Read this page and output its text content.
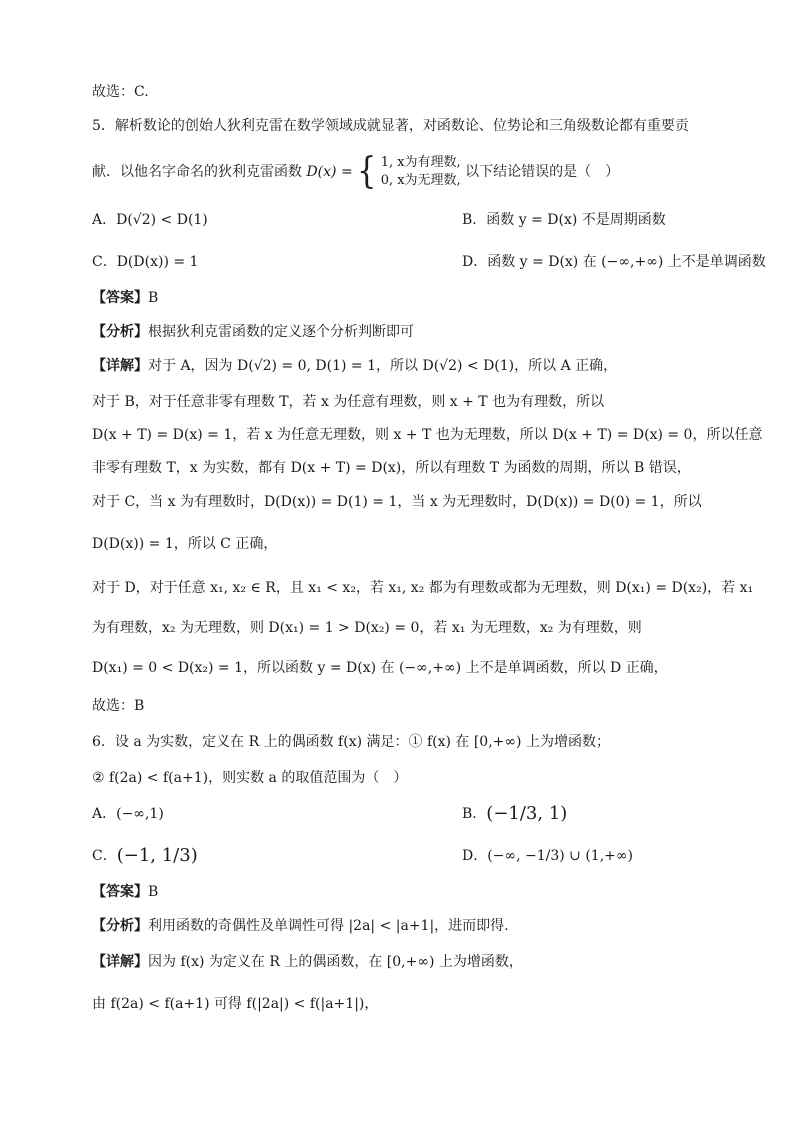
故选：C.
5．解析数论的创始人狄利克雷在数学领域成就显著，对函数论、位势论和三角级数论都有重要贡
献．以他名字命名的狄利克雷函数 D(x) = { 1, x为有理数,
0, x为无理数,
以下结论错误的是（　）
A．D(√2) < D(1)	B．函数 y = D(x) 不是周期函数
C．D(D(x)) = 1	D．函数 y = D(x) 在 (−∞,+∞) 上不是单调函数
【答案】B
【分析】根据狄利克雷函数的定义逐个分析判断即可
【详解】对于 A，因为 D(√2) = 0, D(1) = 1，所以 D(√2) < D(1)，所以 A 正确，
对于 B，对于任意非零有理数 T，若 x 为任意有理数，则 x + T 也为有理数，所以
D(x + T) = D(x) = 1，若 x 为任意无理数，则 x + T 也为无理数，所以 D(x + T) = D(x) = 0，所以任意
非零有理数 T，x 为实数，都有 D(x + T) = D(x)，所以有理数 T 为函数的周期，所以 B 错误，
对于 C，当 x 为有理数时，D(D(x)) = D(1) = 1，当 x 为无理数时，D(D(x)) = D(0) = 1，所以
D(D(x)) = 1，所以 C 正确，
对于 D，对于任意 x₁, x₂ ∈ R，且 x₁ < x₂，若 x₁, x₂ 都为有理数或都为无理数，则 D(x₁) = D(x₂)，若 x₁
为有理数，x₂ 为无理数，则 D(x₁) = 1 > D(x₂) = 0，若 x₁ 为无理数，x₂ 为有理数，则
D(x₁) = 0 < D(x₂) = 1，所以函数 y = D(x) 在 (−∞,+∞) 上不是单调函数，所以 D 正确，
故选：B
6．设 a 为实数，定义在 R 上的偶函数 f(x) 满足：① f(x) 在 [0,+∞) 上为增函数；
② f(2a) < f(a+1)，则实数 a 的取值范围为（　）
A．(−∞,1)	B．(−1/3, 1)
C．(−1, 1/3)	D．(−∞, −1/3) ∪ (1,+∞)
【答案】B
【分析】利用函数的奇偶性及单调性可得 |2a| < |a+1|，进而即得.
【详解】因为 f(x) 为定义在 R 上的偶函数，在 [0,+∞) 上为增函数，
由 f(2a) < f(a+1) 可得 f(|2a|) < f(|a+1|)，
